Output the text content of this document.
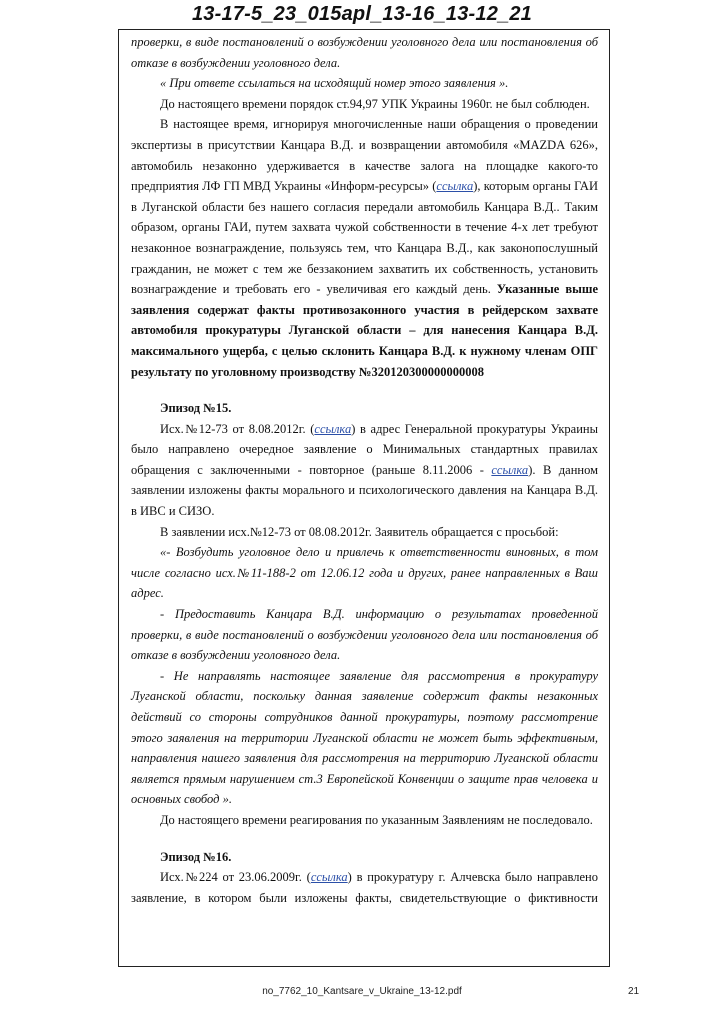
13-17-5_23_015apl_13-16_13-12_21

проверки, в виде постановлений о возбуждении уголовного дела или постановления об отказе в возбуждении уголовного дела.

« При ответе ссылаться на исходящий номер этого заявления ».

До настоящего времени порядок ст.94,97 УПК Украины 1960г. не был соблюден.

В настоящее время, игнорируя многочисленные наши обращения о проведении экспертизы в присутствии Канцара В.Д. и возвращении автомобиля «MAZDA 626», автомобиль незаконно удерживается в качестве залога на площадке какого-то предприятия ЛФ ГП МВД Украины «Информ-ресурсы» (ссылка), которым органы ГАИ в Луганской области без нашего согласия передали автомобиль Канцара В.Д.. Таким образом, органы ГАИ, путем захвата чужой собственности в течение 4-х лет требуют незаконное вознаграждение, пользуясь тем, что Канцара В.Д., как законопослушный гражданин, не может с тем же беззаконием захватить их собственность, установить вознаграждение и требовать его - увеличивая его каждый день. Указанные выше заявления содержат факты противозаконного участия в рейдерском захвате автомобиля прокуратуры Луганской области – для нанесения Канцара В.Д. максимального ущерба, с целью склонить Канцара В.Д. к нужному членам ОПГ результату по уголовному производству №320120300000000008

Эпизод №15.

Исх.№12-73 от 8.08.2012г. (ссылка) в адрес Генеральной прокуратуры Украины было направлено очередное заявление о Минимальных стандартных правилах обращения с заключенными - повторное (раньше 8.11.2006 - ссылка). В данном заявлении изложены факты морального и психологического давления на Канцара В.Д. в ИВС и СИЗО.

В заявлении исх.№12-73 от 08.08.2012г. Заявитель обращается с просьбой:

«- Возбудить уголовное дело и привлечь к ответственности виновных, в том числе согласно исх.№11-188-2 от 12.06.12 года и других, ранее направленных в Ваш адрес.

- Предоставить Канцара В.Д. информацию о результатах проведенной проверки, в виде постановлений о возбуждении уголовного дела или постановления об отказе в возбуждении уголовного дела.

- Не направлять настоящее заявление для рассмотрения в прокуратуру Луганской области, поскольку данная заявление содержит факты незаконных действий со стороны сотрудников данной прокуратуры, поэтому рассмотрение этого заявления на территории Луганской области не может быть эффективным, направления нашего заявления для рассмотрения на территорию Луганской области является прямым нарушением ст.3 Европейской Конвенции о защите прав человека и основных свобод ».

До настоящего времени реагирования по указанным Заявлениям не последовало.

Эпизод №16.

Исх.№224 от 23.06.2009г. (ссылка) в прокуратуру г. Алчевска было направлено заявление, в котором были изложены факты, свидетельствующие о фиктивности

no_7762_10_Kantsare_v_Ukraine_13-12.pdf	21
